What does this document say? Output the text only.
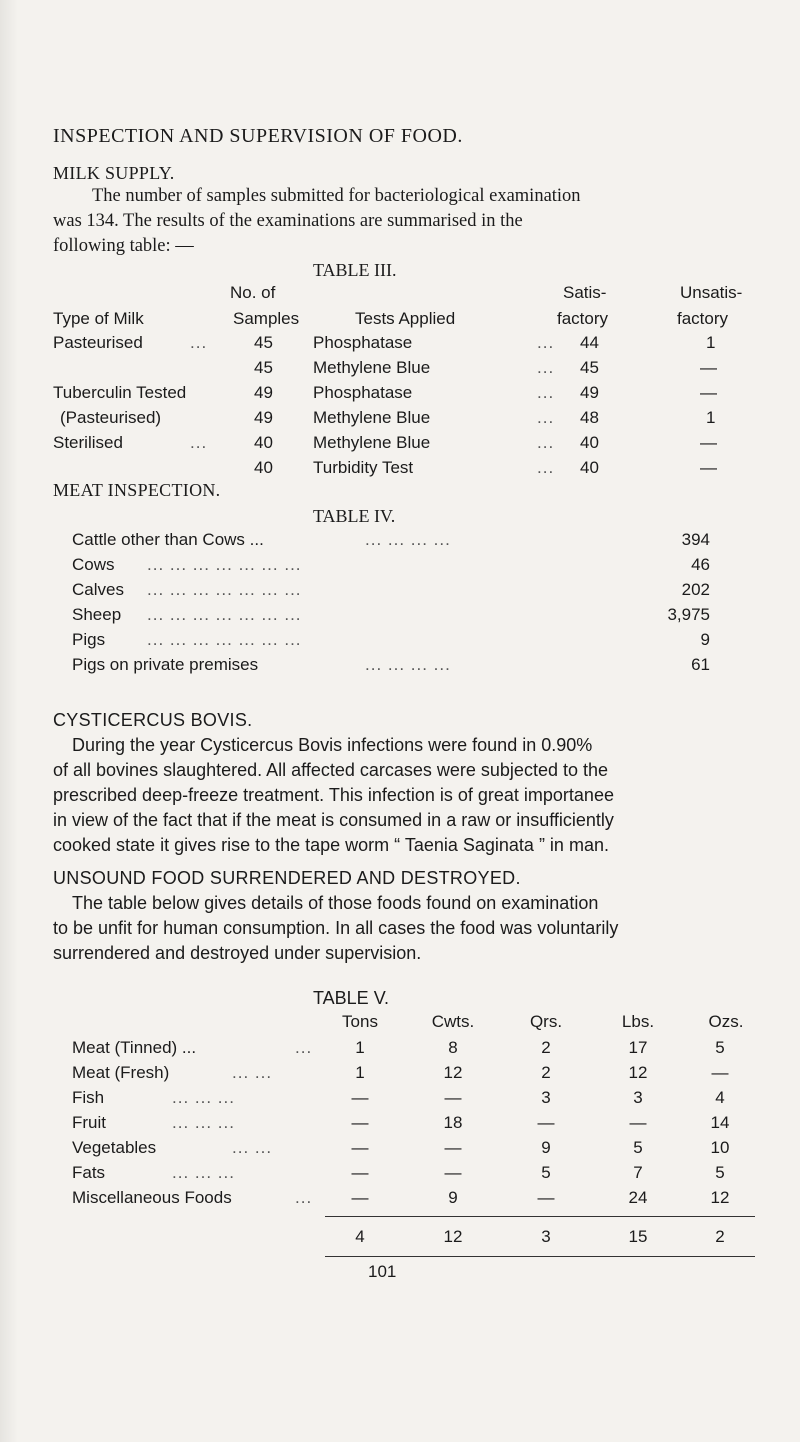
INSPECTION AND SUPERVISION OF FOOD.
MILK SUPPLY.
The number of samples submitted for bacteriological examination
was 134. The results of the examinations are summarised in the
following table: —
TABLE III.
No. of	Satis-	Unsatis-
Type of Milk	Samples	Tests Applied	factory	factory
Pasteurised	...	45 Phosphatase	... 44	1
45 Methylene Blue	... 45	—
Tuberculin Tested	49 Phosphatase	... 49	—
(Pasteurised)	49 Methylene Blue	... 48	1
Sterilised	...	40 Methylene Blue	... 40	—
40 Turbidity Test	... 40	—
MEAT INSPECTION.
TABLE IV.
Cattle other than Cows ...	... ... ... ...	394
Cows ... ... ... ... ... ... ...	46
Calves ... ... ... ... ... ... ...	202
Sheep ... ... ... ... ... ... ...	3,975
Pigs ... ... ... ... ... ... ...	9
Pigs on private premises	... ... ... ...	61
CYSTICERCUS BOVIS.
During the year Cysticercus Bovis infections were found in 0.90%
of all bovines slaughtered. All affected carcases were subjected to the
prescribed deep-freeze treatment. This infection is of great importanee
in view of the fact that if the meat is consumed in a raw or insufficiently
cooked state it gives rise to the tape worm “ Taenia Saginata ” in man.
UNSOUND FOOD SURRENDERED AND DESTROYED.
The table below gives details of those foods found on examination
to be unfit for human consumption. In all cases the food was voluntarily
surrendered and destroyed under supervision.
TABLE V.
Tons	Cwts.	Qrs.	Lbs.	Ozs.
Meat (Tinned) ...	...	1	8	2	17	5
Meat (Fresh)	... ...	1	12	2	12	—
Fish	... ... ...	—	—	3	3	4
Fruit	... ... ...	—	18	—	—	14
Vegetables	... ...	—	—	9	5	10
Fats	... ... ...	—	—	5	7	5
Miscellaneous Foods	...	—	9	—	24	12
4	12	3	15	2
101
